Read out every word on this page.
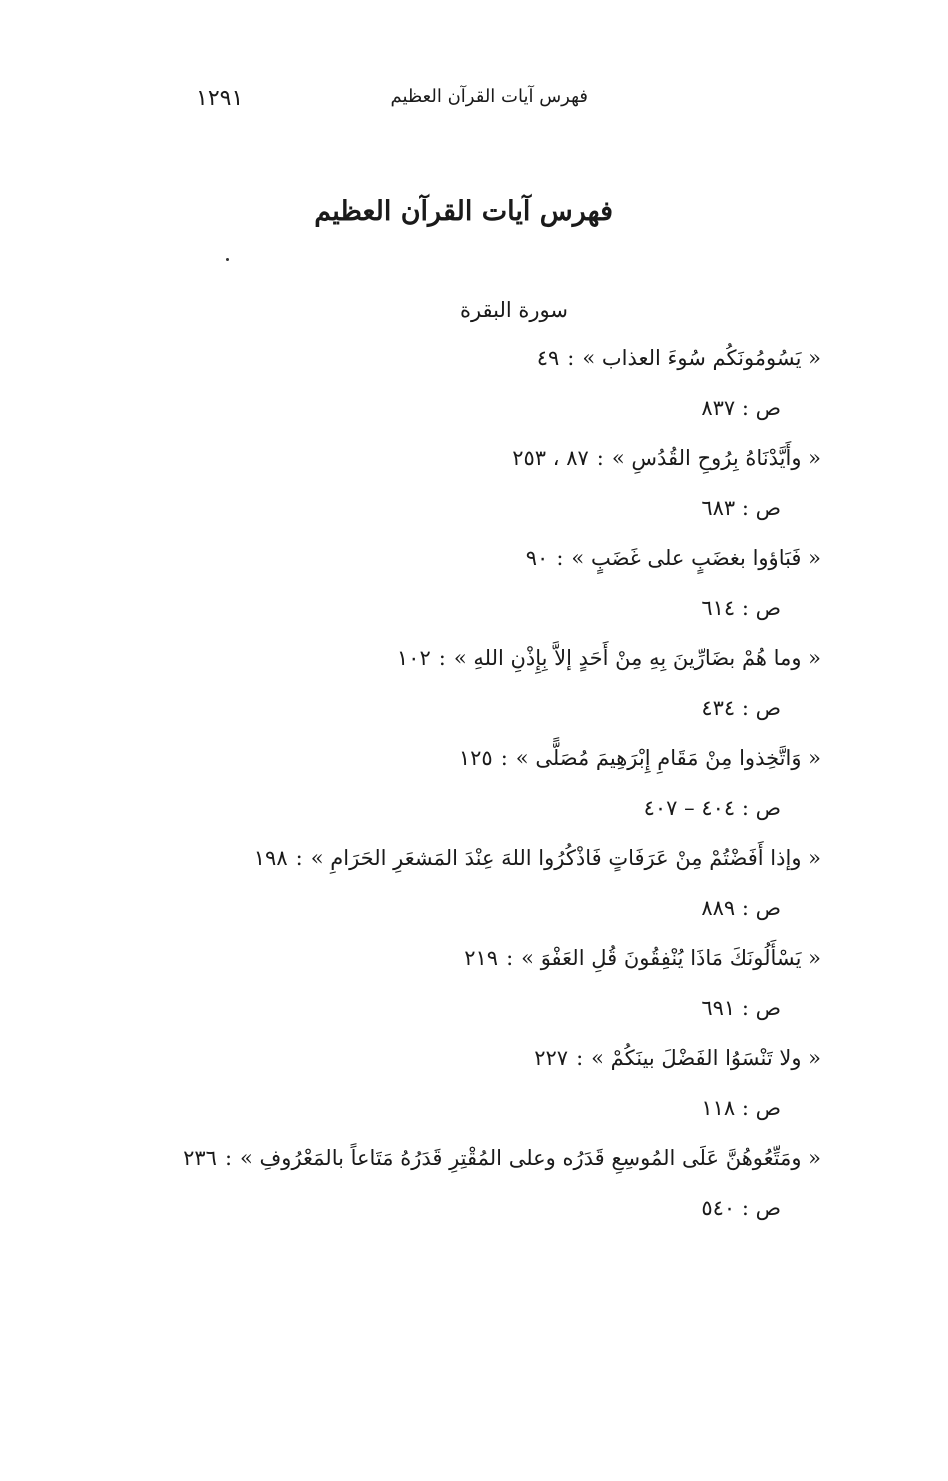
فهرس آيات القرآن العظيم
١٢٩١
فهرس آيات القرآن العظيم
سورة البقرة
« يَسُومُونَكُم سُوءَ العذاب »:٤٩
ص : ٨٣٧
« وأَيَّدْنَاهُ بِرُوحِ القُدُسِ »:٨٧ ، ٢٥٣
ص : ٦٨٣
« فَبَاؤوا بغضَبٍ على غَضَبٍ »:٩٠
ص : ٦١٤
« وما هُمْ بضَارِّينَ بِهِ مِنْ أَحَدٍ إلاَّ بِإِذْنِ اللهِ »:١٠٢
ص : ٤٣٤
« وَاتَّخِذوا مِنْ مَقَامِ إِبْرَهِيمَ مُصَلًّى »:١٢٥
ص : ٤٠٤ – ٤٠٧
« وإذا أَفَضْتُمْ مِنْ عَرَفَاتٍ فَاذْكُرُوا اللهَ عِنْدَ المَشعَرِ الحَرَامِ »:١٩٨
ص : ٨٨٩
« يَسْأَلُونَكَ مَاذَا يُنْفِقُونَ قُلِ العَفْوَ »:٢١٩
ص : ٦٩١
« ولا تَنْسَوُا الفَضْلَ بينَكُمْ »:٢٢٧
ص : ١١٨
« ومَتِّعُوهُنَّ عَلَى المُوسِعِ قَدَرُه وعلى المُقْتِرِ قَدَرُهُ مَتَاعاً بالمَعْرُوفِ »:٢٣٦
ص : ٥٤٠
